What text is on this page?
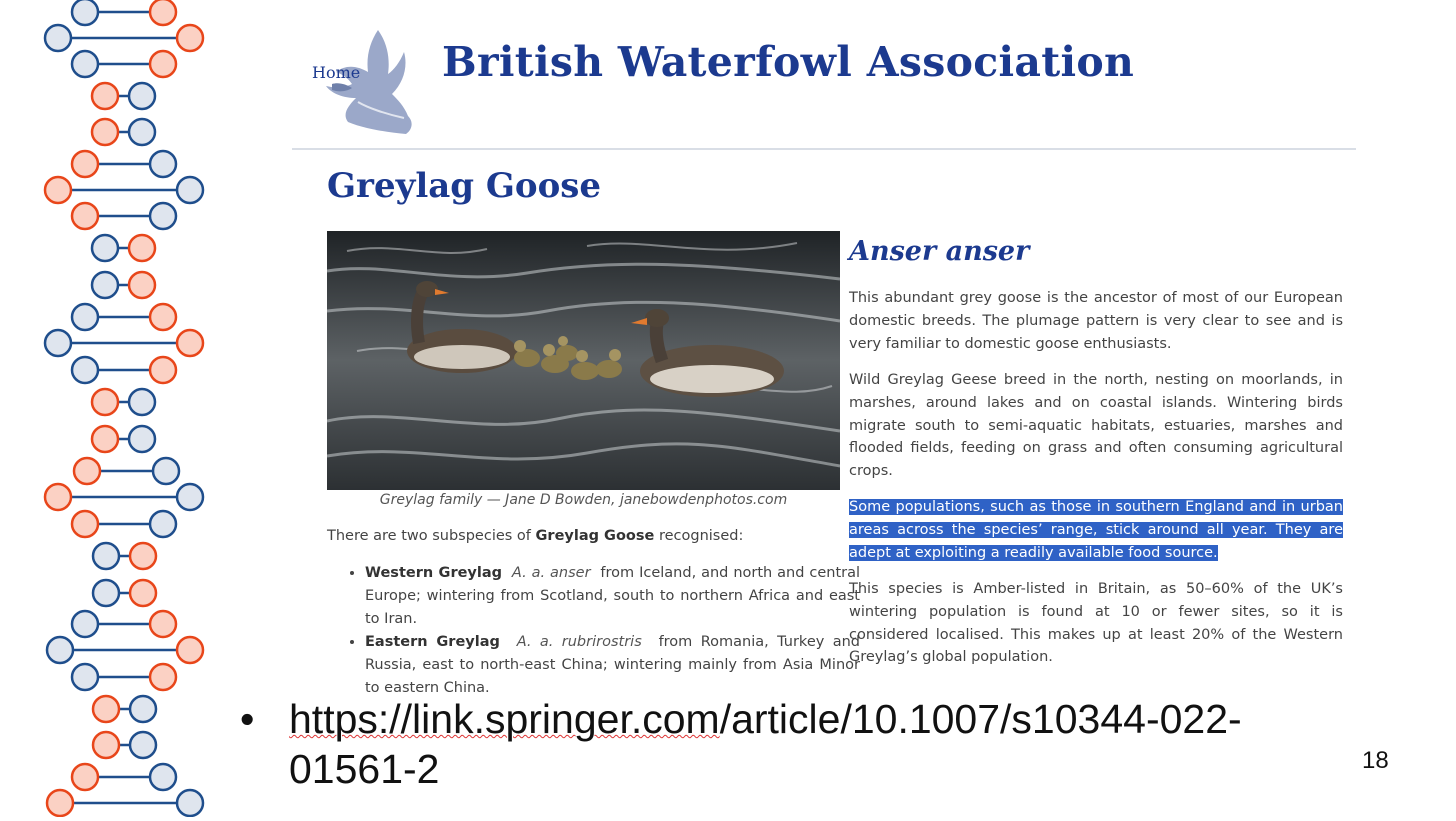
Home British Waterfowl Association
Greylag Goose
Greylag family — Jane D Bowden, janebowdenphotos.com
There are two subspecies of Greylag Goose recognised:
• Western Greylag A. a. anser from Iceland, and north and central Europe; wintering from Scotland, south to northern Africa and east to Iran.
• Eastern Greylag A. a. rubrirostris from Romania, Turkey and Russia, east to north-east China; wintering mainly from Asia Minor to eastern China.
Anser anser

This abundant grey goose is the ancestor of most of our European domestic breeds. The plumage pattern is very clear to see and is very familiar to domestic goose enthusiasts.

Wild Greylag Geese breed in the north, nesting on moorlands, in marshes, around lakes and on coastal islands. Wintering birds migrate south to semi-aquatic habitats, estuaries, marshes and flooded fields, feeding on grass and often consuming agricultural crops.

Some populations, such as those in southern England and in urban areas across the species’ range, stick around all year. They are adept at exploiting a readily available food source.

This species is Amber-listed in Britain, as 50–60% of the UK’s wintering population is found at 10 or fewer sites, so it is considered localised. This makes up at least 20% of the Western Greylag’s global population.

• https://link.springer.com/article/10.1007/s10344-022-01561-2	18
